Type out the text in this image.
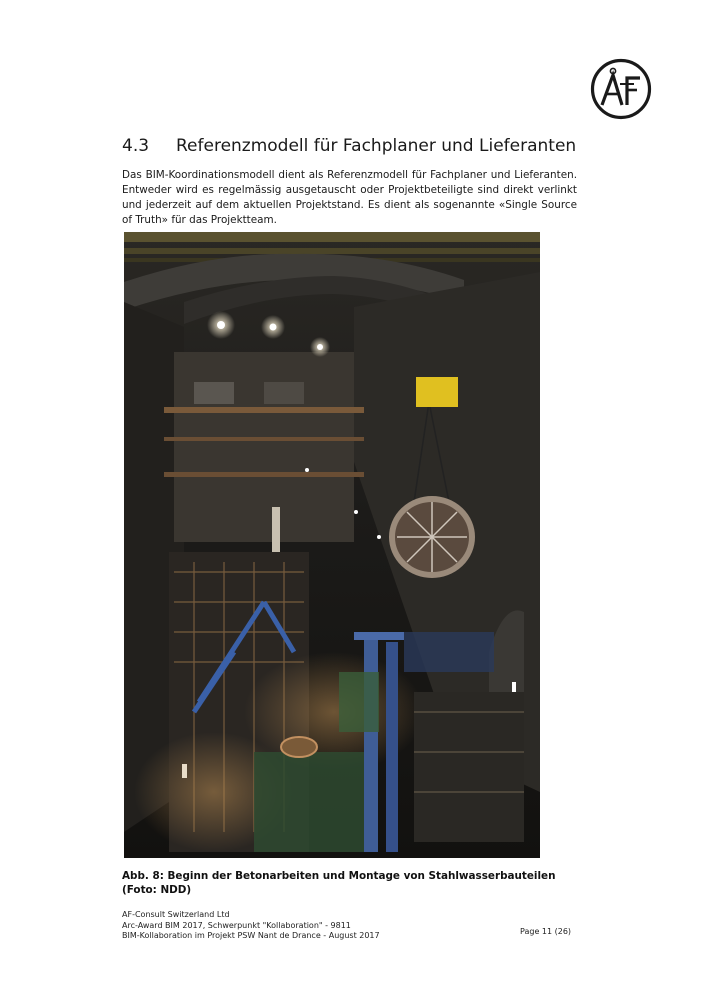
4.3 Referenzmodell für Fachplaner und Lieferanten

Das BIM-Koordinationsmodell dient als Referenzmodell für Fachplaner und Lieferanten. Entweder wird es regelmässig ausgetauscht oder Projektbeteiligte sind direkt verlinkt und jederzeit auf dem aktuellen Projektstand. Es dient als sogenannte «Single Source of Truth» für das Projektteam.

Abb. 8: Beginn der Betonarbeiten und Montage von Stahlwasserbauteilen (Foto: NDD)

AF-Consult Switzerland Ltd
Arc-Award BIM 2017, Schwerpunkt "Kollaboration" - 9811
BIM-Kollaboration im Projekt PSW Nant de Drance - August 2017	Page 11 (26)
